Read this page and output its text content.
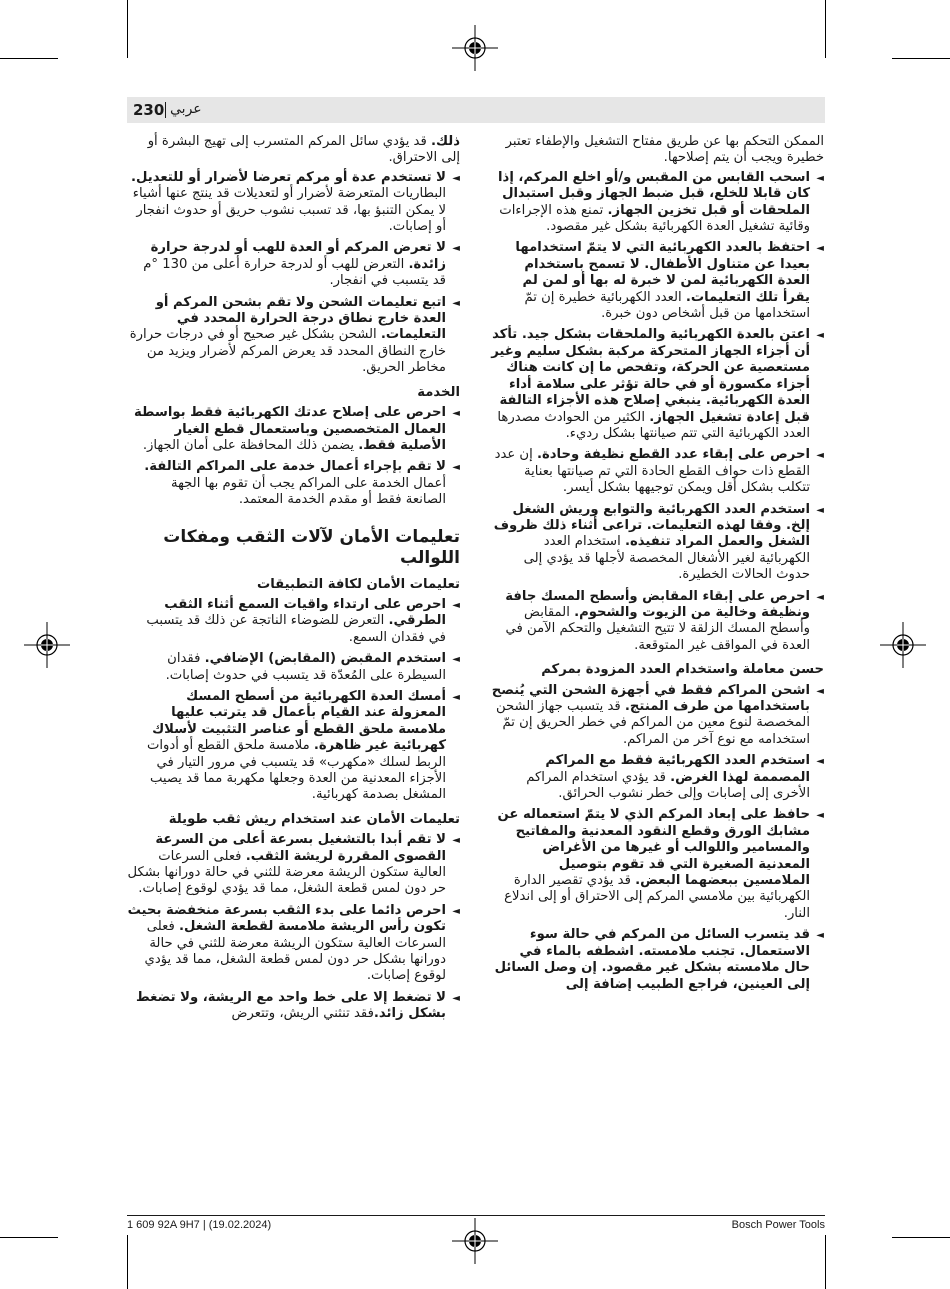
230 عربي

الممكن التحكم بها عن طريق مفتاح التشغيل والإطفاء تعتبر خطيرة ويجب أن يتم إصلاحها.

◄
اسحب القابس من المقبس و/أو اخلع المركم، إذا كان قابلا للخلع، قبل ضبط الجهاز وقبل استبدال الملحقات أو قبل تخزين الجهاز. تمنع هذه الإجراءات وقائية تشغيل العدة الكهربائية بشكل غير مقصود.
◄
احتفظ بالعدد الكهربائية التي لا يتمّ استخدامها بعيدا عن متناول الأطفال. لا تسمح باستخدام العدة الكهربائية لمن لا خبرة له بها أو لمن لم يقرأ تلك التعليمات. العدد الكهربائية خطيرة إن تمّ استخدامها من قبل أشخاص دون خبرة.
◄
اعتن بالعدة الكهربائية والملحقات بشكل جيد. تأكد أن أجزاء الجهاز المتحركة مركبة بشكل سليم وغير مستعصية عن الحركة، وتفحص ما إن كانت هناك أجزاء مكسورة أو في حالة تؤثر على سلامة أداء العدة الكهربائية. ينبغي إصلاح هذه الأجزاء التالفة قبل إعادة تشغيل الجهاز. الكثير من الحوادث مصدرها العدد الكهربائية التي تتم صيانتها بشكل رديء.
◄
احرص على إبقاء عدد القطع نظيفة وحادة. إن عدد القطع ذات حواف القطع الحادة التي تم صيانتها بعناية تتكلب بشكل أقل ويمكن توجيهها بشكل أيسر.
◄
استخدم العدد الكهربائية والتوابع وريش الشغل إلخ. وفقا لهذه التعليمات. تراعى أثناء ذلك ظروف الشغل والعمل المراد تنفيذه. استخدام العدد الكهربائية لغير الأشغال المخصصة لأجلها قد يؤدي إلى حدوث الحالات الخطيرة.
◄
احرص على إبقاء المقابض وأسطح المسك جافة ونظيفة وخالية من الزيوت والشحوم. المقابض وأسطح المسك الزلقة لا تتيح التشغيل والتحكم الآمن في العدة في المواقف غير المتوقعة.
حسن معاملة واستخدام العدد المزودة بمركم
◄
اشحن المراكم فقط في أجهزة الشحن التي يُنصح باستخدامها من طرف المنتج. قد يتسبب جهاز الشحن المخصصة لنوع معين من المراكم في خطر الحريق إن تمّ استخدامه مع نوع آخر من المراكم.
◄
استخدم العدد الكهربائية فقط مع المراكم المصممة لهذا الغرض. قد يؤدي استخدام المراكم الأخرى إلى إصابات وإلى خطر نشوب الحرائق.
◄
حافظ على إبعاد المركم الذي لا يتمّ استعماله عن مشابك الورق وقطع النقود المعدنية والمفاتيح والمسامير واللوالب أو غيرها من الأغراض المعدنية الصغيرة التي قد تقوم بتوصيل الملامسين ببعضهما البعض. قد يؤدي تقصير الدارة الكهربائية بين ملامسي المركم إلى الاحتراق أو إلى اندلاع النار.
◄
قد يتسرب السائل من المركم في حالة سوء الاستعمال. تجنب ملامسته. اشطفه بالماء في حال ملامسته بشكل غير مقصود. إن وصل السائل إلى العينين، فراجع الطبيب إضافة إلى

ذلك. قد يؤدي سائل المركم المتسرب إلى تهيج البشرة أو إلى الاحتراق.

◄
لا تستخدم عدة أو مركم تعرضا لأضرار أو للتعديل. البطاريات المتعرضة لأضرار أو لتعديلات قد ينتج عنها أشياء لا يمكن التنبؤ بها، قد تسبب نشوب حريق أو حدوث انفجار أو إصابات.
◄
لا تعرض المركم أو العدة للهب أو لدرجة حرارة زائدة. التعرض للهب أو لدرجة حرارة أعلى من 130 °م قد يتسبب في انفجار.
◄
اتبع تعليمات الشحن ولا تقم بشحن المركم أو العدة خارج نطاق درجة الحرارة المحدد في التعليمات. الشحن بشكل غير صحيح أو في درجات حرارة خارج النطاق المحدد قد يعرض المركم لأضرار ويزيد من مخاطر الحريق.
الخدمة
◄
احرص على إصلاح عدتك الكهربائية فقط بواسطة العمال المتخصصين وباستعمال قطع الغيار الأصلية فقط. يضمن ذلك المحافظة على أمان الجهاز.
◄
لا تقم بإجراء أعمال خدمة على المراكم التالفة. أعمال الخدمة على المراكم يجب أن تقوم بها الجهة الصانعة فقط أو مقدم الخدمة المعتمد.
تعليمات الأمان لآلات الثقب ومفكات اللوالب
تعليمات الأمان لكافة التطبيقات
◄
احرص على ارتداء واقيات السمع أثناء الثقب الطرقي. التعرض للضوضاء الناتجة عن ذلك قد يتسبب في فقدان السمع.
◄
استخدم المقبض (المقابض) الإضافي. فقدان السيطرة على المُعدّة قد يتسبب في حدوث إصابات.
◄
أمسك العدة الكهربائية من أسطح المسك المعزولة عند القيام بأعمال قد يترتب عليها ملامسة ملحق القطع أو عناصر التثبيت لأسلاك كهربائية غير ظاهرة. ملامسة ملحق القطع أو أدوات الربط لسلك «مكهرب» قد يتسبب في مرور التيار في الأجزاء المعدنية من العدة وجعلها مكهربة مما قد يصيب المشغل بصدمة كهربائية.
تعليمات الأمان عند استخدام ريش ثقب طويلة
◄
لا تقم أبدا بالتشغيل بسرعة أعلى من السرعة القصوى المقررة لريشة الثقب. فعلى السرعات العالية ستكون الريشة معرضة للثني في حالة دورانها بشكل حر دون لمس قطعة الشغل، مما قد يؤدي لوقوع إصابات.
◄
احرص دائما على بدء الثقب بسرعة منخفضة بحيث تكون رأس الريشة ملامسة لقطعة الشغل. فعلى السرعات العالية ستكون الريشة معرضة للثني في حالة دورانها بشكل حر دون لمس قطعة الشغل، مما قد يؤدي لوقوع إصابات.
◄
لا تضغط إلا على خط واحد مع الريشة، ولا تضغط بشكل زائد.فقد تنثني الريش، وتتعرض
1 609 92A 9H7 | (19.02.2024)	Bosch Power Tools
